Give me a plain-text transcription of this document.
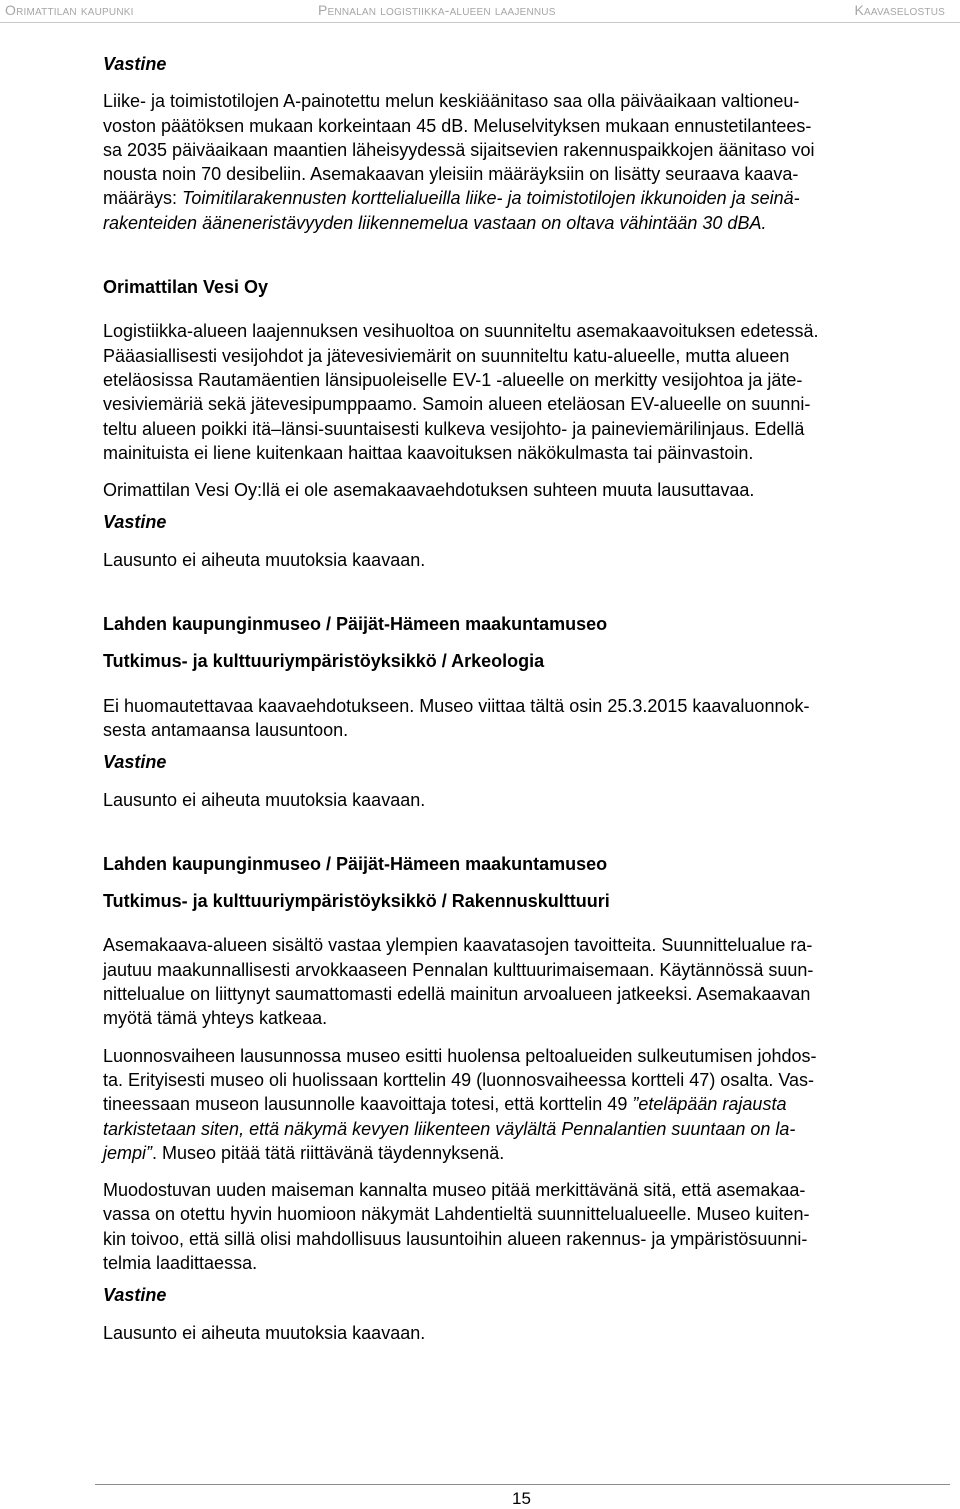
Orimattilan kaupunki	Pennalan logistiikka-alueen laajennus	Kaavaselostus

Vastine

Liike- ja toimistotilojen A-painotettu melun keskiäänitaso saa olla päiväaikaan valtioneu-

voston päätöksen mukaan korkeintaan 45 dB. Meluselvityksen mukaan ennustetilantees-

sa 2035 päiväaikaan maantien läheisyydessä sijaitsevien rakennuspaikkojen äänitaso voi

nousta noin 70 desibeliin. Asemakaavan yleisiin määräyksiin on lisätty seuraava kaava-

määräys: Toimitilarakennusten korttelialueilla liike- ja toimistotilojen ikkunoiden ja seinä-

rakenteiden ääneneristävyyden liikennemelua vastaan on oltava vähintään 30 dBA.

Orimattilan Vesi Oy

Logistiikka-alueen laajennuksen vesihuoltoa on suunniteltu asemakaavoituksen edetessä.

Pääasiallisesti vesijohdot ja jätevesiviemärit on suunniteltu katu-alueelle, mutta alueen

eteläosissa Rautamäentien länsipuoleiselle EV-1 -alueelle on merkitty vesijohtoa ja jäte-

vesiviemäriä sekä jätevesipumppaamo. Samoin alueen eteläosan EV-alueelle on suunni-

teltu alueen poikki itä–länsi-suuntaisesti kulkeva vesijohto- ja paineviemärilinjaus. Edellä

mainituista ei liene kuitenkaan haittaa kaavoituksen näkökulmasta tai päinvastoin.

Orimattilan Vesi Oy:llä ei ole asemakaavaehdotuksen suhteen muuta lausuttavaa.

Vastine

Lausunto ei aiheuta muutoksia kaavaan.

Lahden kaupunginmuseo / Päijät-Hämeen maakuntamuseo

Tutkimus- ja kulttuuriympäristöyksikkö / Arkeologia

Ei huomautettavaa kaavaehdotukseen. Museo viittaa tältä osin 25.3.2015 kaavaluonnok-

sesta antamaansa lausuntoon.

Vastine

Lausunto ei aiheuta muutoksia kaavaan.

Lahden kaupunginmuseo / Päijät-Hämeen maakuntamuseo

Tutkimus- ja kulttuuriympäristöyksikkö / Rakennuskulttuuri

Asemakaava-alueen sisältö vastaa ylempien kaavatasojen tavoitteita. Suunnittelualue ra-

jautuu maakunnallisesti arvokkaaseen Pennalan kulttuurimaisemaan. Käytännössä suun-

nittelualue on liittynyt saumattomasti edellä mainitun arvoalueen jatkeeksi. Asemakaavan

myötä tämä yhteys katkeaa.

Luonnosvaiheen lausunnossa museo esitti huolensa peltoalueiden sulkeutumisen johdos-

ta. Erityisesti museo oli huolissaan korttelin 49 (luonnosvaiheessa kortteli 47) osalta. Vas-

tineessaan museon lausunnolle kaavoittaja totesi, että korttelin 49 ”eteläpään rajausta

tarkistetaan siten, että näkymä kevyen liikenteen väylältä Pennalantien suuntaan on la-

jempi”. Museo pitää tätä riittävänä täydennyksenä.

Muodostuvan uuden maiseman kannalta museo pitää merkittävänä sitä, että asemakaa-

vassa on otettu hyvin huomioon näkymät Lahdentieltä suunnittelualueelle. Museo kuiten-

kin toivoo, että sillä olisi mahdollisuus lausuntoihin alueen rakennus- ja ympäristösuunni-

telmia laadittaessa.

Vastine

Lausunto ei aiheuta muutoksia kaavaan.

15
